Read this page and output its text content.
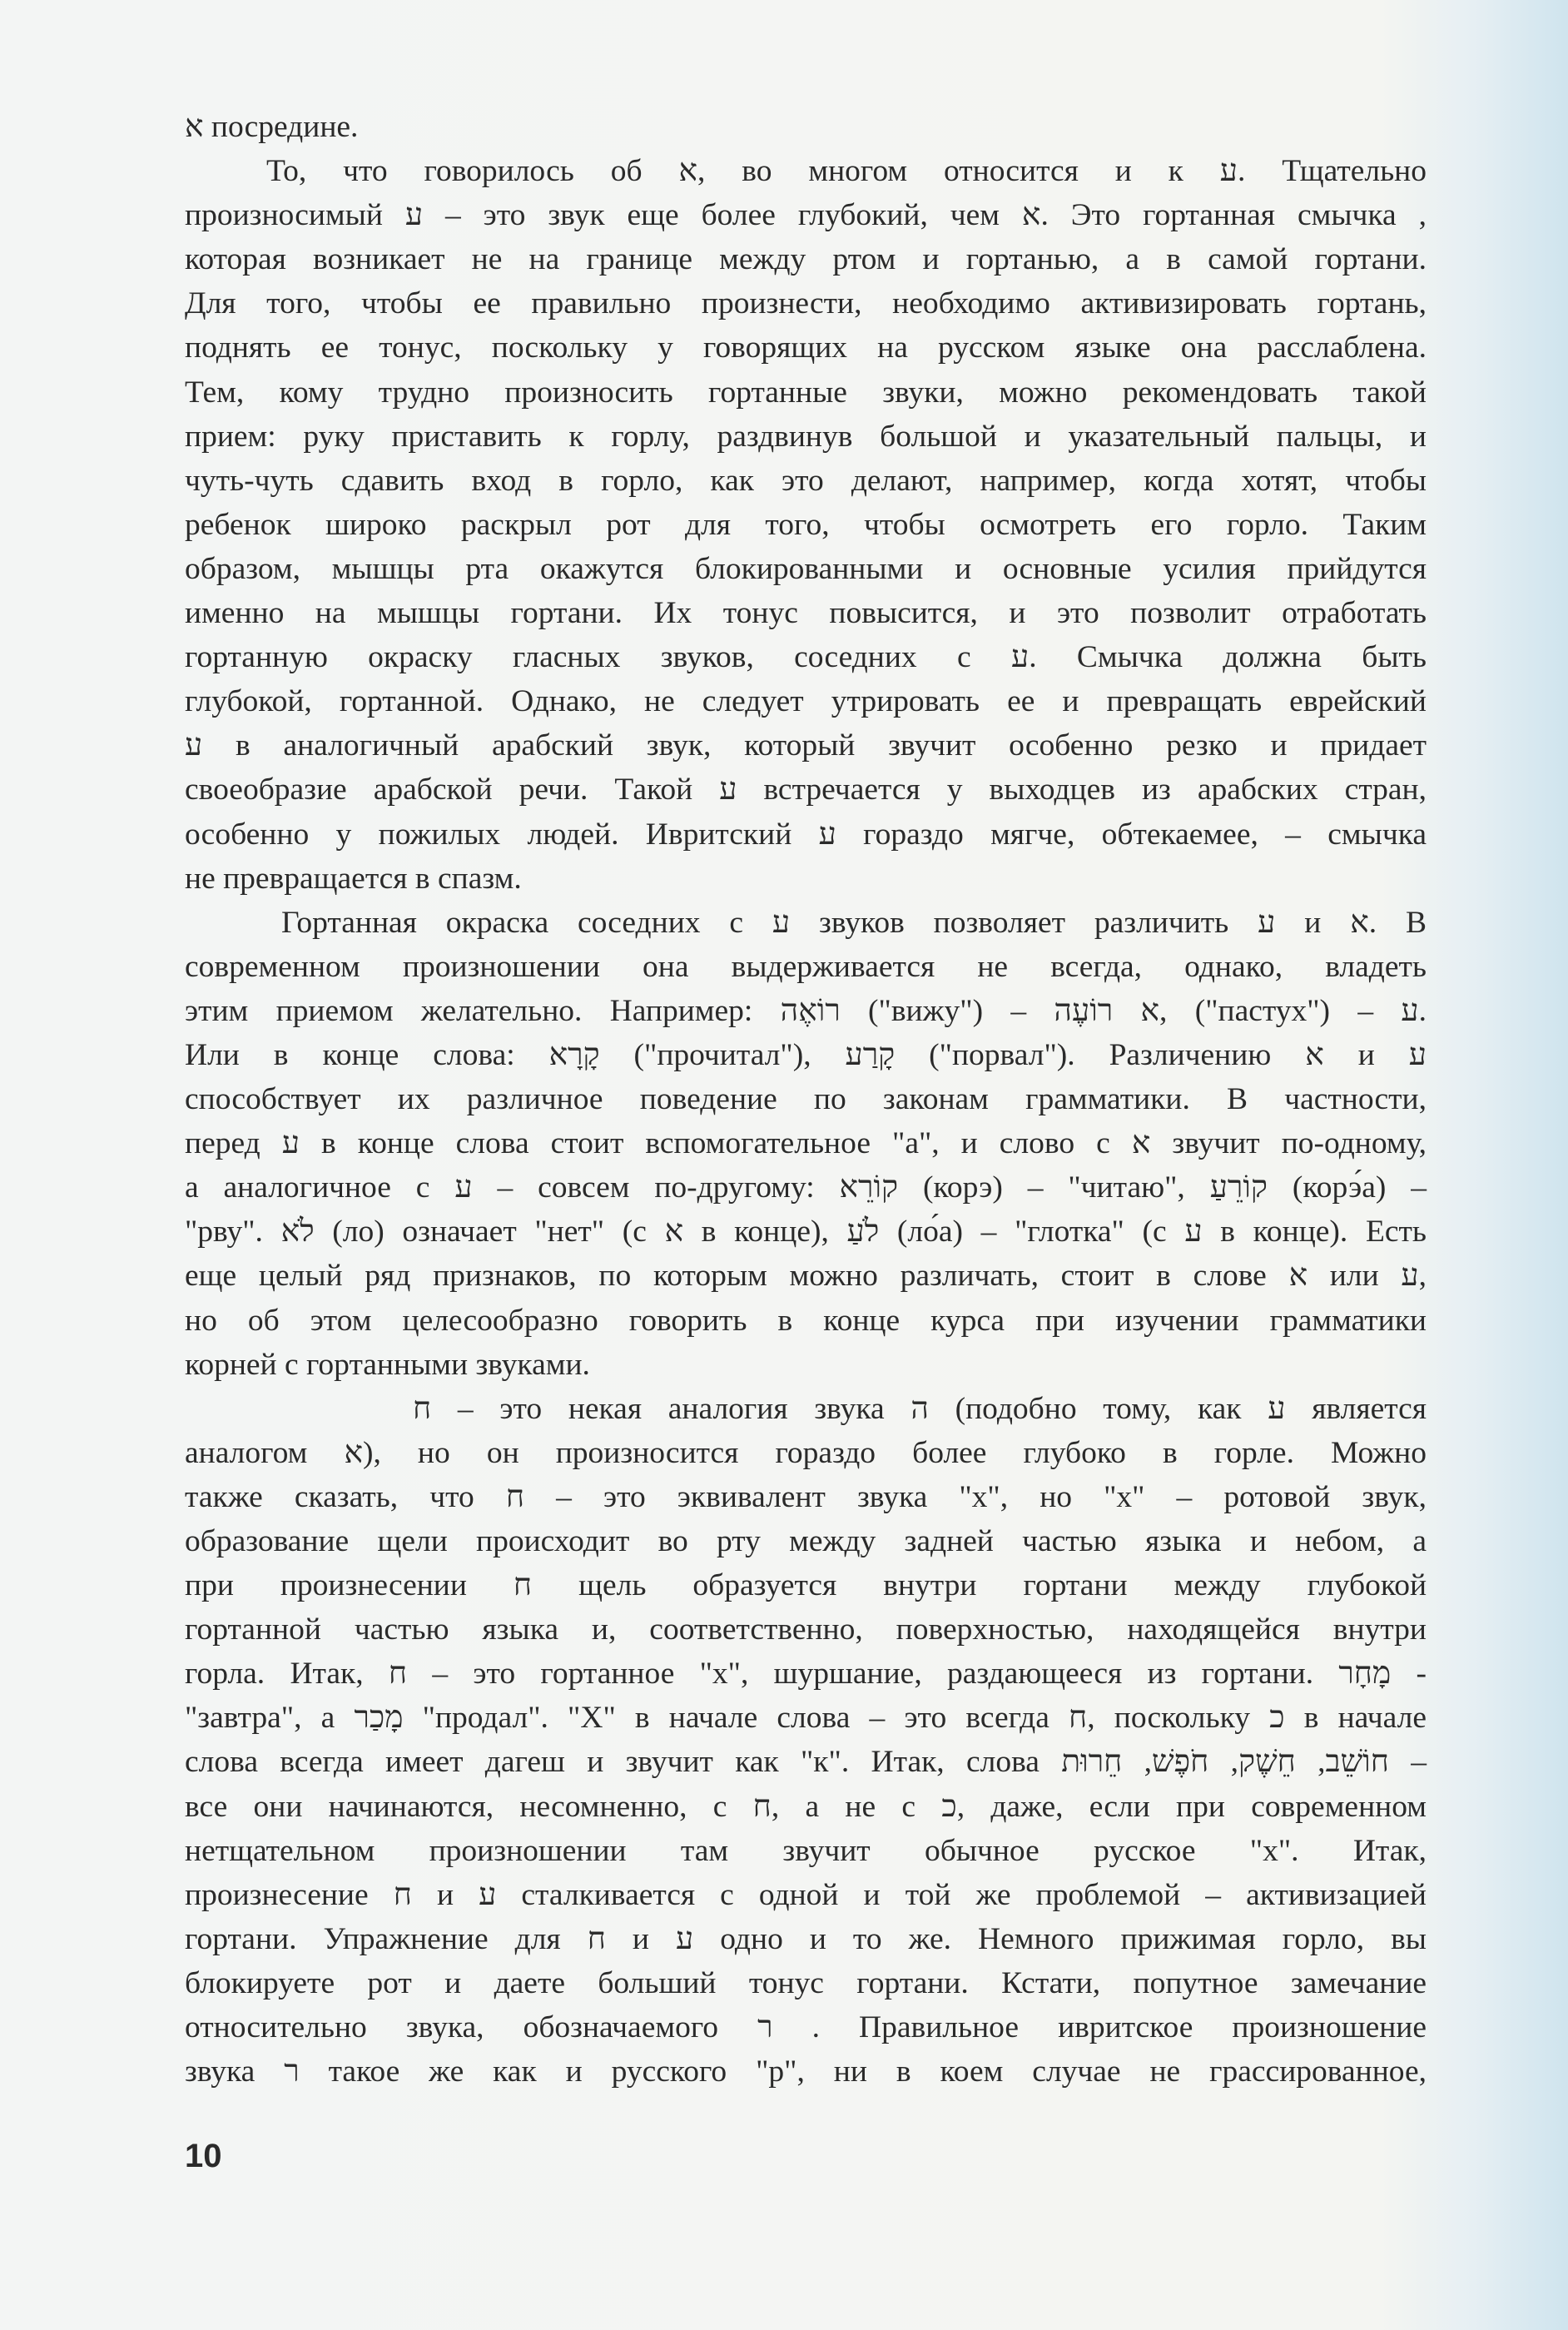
א посредине.
То, что говорилось об א, во многом относится и к ע. Тщательно
произносимый ע – это звук еще более глубокий, чем א. Это гортанная смычка ,
которая возникает не на границе между ртом и гортанью, а в самой гортани.
Для того, чтобы ее правильно произнести, необходимо активизировать гортань,
поднять ее тонус, поскольку у говорящих на русском языке она расслаблена.
Тем, кому трудно произносить гортанные звуки, можно рекомендовать такой
прием: руку приставить к горлу, раздвинув большой и указательный пальцы, и
чуть-чуть сдавить вход в горло, как это делают, например, когда хотят, чтобы
ребенок широко раскрыл рот для того, чтобы осмотреть его горло. Таким
образом, мышцы рта окажутся блокированными и основные усилия прийдутся
именно на мышцы гортани. Их тонус повысится, и это позволит отработать
гортанную окраску гласных звуков, соседних с ע. Смычка должна быть
глубокой, гортанной. Однако, не следует утрировать ее и превращать еврейский
ע в аналогичный арабский звук, который звучит особенно резко и придает
своеобразие арабской речи. Такой ע встречается у выходцев из арабских стран,
особенно у пожилых людей. Ивритский ע гораздо мягче, обтекаемее, – смычка
не превращается в спазм.
Гортанная окраска соседних с ע звуков позволяет различить ע и א. В
современном произношении она выдерживается не всегда, однако, владеть
этим приемом желательно. Например: רוֹאֶה ("вижу") – א רוֹעֶה, ("пастух") – ע.
Или в конце слова: קָרָא ("прочитал"), קָרַע ("порвал"). Различению א и ע
способствует их различное поведение по законам грамматики. В частности,
перед ע в конце слова стоит вспомогательное "а", и слово с א звучит по-одному,
а аналогичное с ע – совсем по-другому: קוֹרֵא (корэ) – "читаю", קוֹרֵעַ (корэ́а) –
"рву". לֹא (ло) означает "нет" (с א в конце), לֹעַ (ло́а) – "глотка" (с ע в конце). Есть
еще целый ряд признаков, по которым можно различать, стоит в слове א или ע,
но об этом целесообразно говорить в конце курса при изучении грамматики
корней с гортанными звуками.
ח – это некая аналогия звука ה (подобно тому, как ע является
аналогом א), но он произносится гораздо более глубоко в горле. Можно
также сказать, что ח – это эквивалент звука "х", но "х" – ротовой звук,
образование щели происходит во рту между задней частью языка и небом, а
при произнесении ח щель образуется внутри гортани между глубокой
гортанной частью языка и, соответственно, поверхностью, находящейся внутри
горла. Итак, ח – это гортанное "х", шуршание, раздающееся из гортани. מָחָר -
"завтра", а מָכַר "продал". "Х" в начале слова – это всегда ח, поскольку כ в начале
слова всегда имеет дагеш и звучит как "к". Итак, слова חוֹשֵׁב, חֵשֶׁק, חֹפֶשׁ, חֵרוּת –
все они начинаются, несомненно, с ח, а не с כ, даже, если при современном
нетщательном произношении там звучит обычное русское "х". Итак,
произнесение ח и ע сталкивается с одной и той же проблемой – активизацией
гортани. Упражнение для ח и ע одно и то же. Немного прижимая горло, вы
блокируете рот и даете больший тонус гортани. Кстати, попутное замечание
относительно звука, обозначаемого ר . Правильное ивритское произношение
звука ר такое же как и русского "р", ни в коем случае не грассированное,
10
